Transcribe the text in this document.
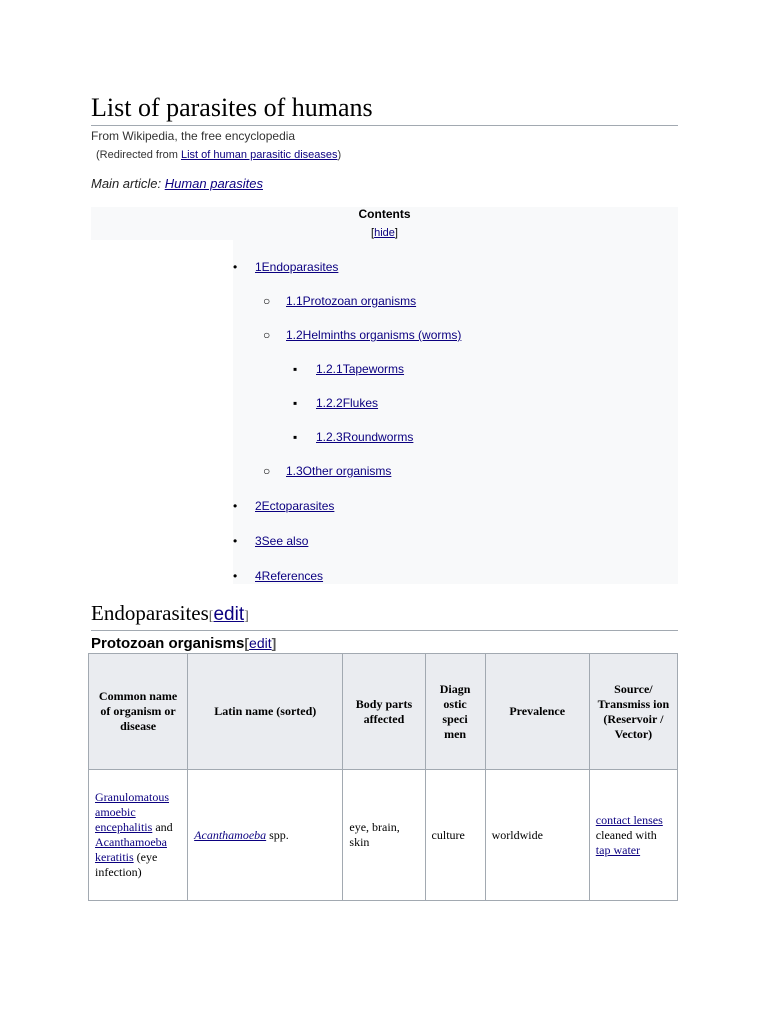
List of parasites of humans
From Wikipedia, the free encyclopedia
(Redirected from List of human parasitic diseases)
Main article: Human parasites
Contents
[hide]
• 1Endoparasites
○ 1.1Protozoan organisms
○ 1.2Helminths organisms (worms)
▪ 1.2.1Tapeworms
▪ 1.2.2Flukes
▪ 1.2.3Roundworms
○ 1.3Other organisms
• 2Ectoparasites
• 3See also
• 4References
Endoparasites[edit]
Protozoan organisms[edit]
Common name of organism or disease	Latin name (sorted)	Body parts affected	Diagn ostic speci men	Prevalence	Source/ Transmiss ion (Reservoir / Vector)
Granulomatous amoebic encephalitis and Acanthamoeba keratitis (eye infection)	Acanthamoeba spp.	eye, brain, skin	culture	worldwide	contact lenses cleaned with tap water
